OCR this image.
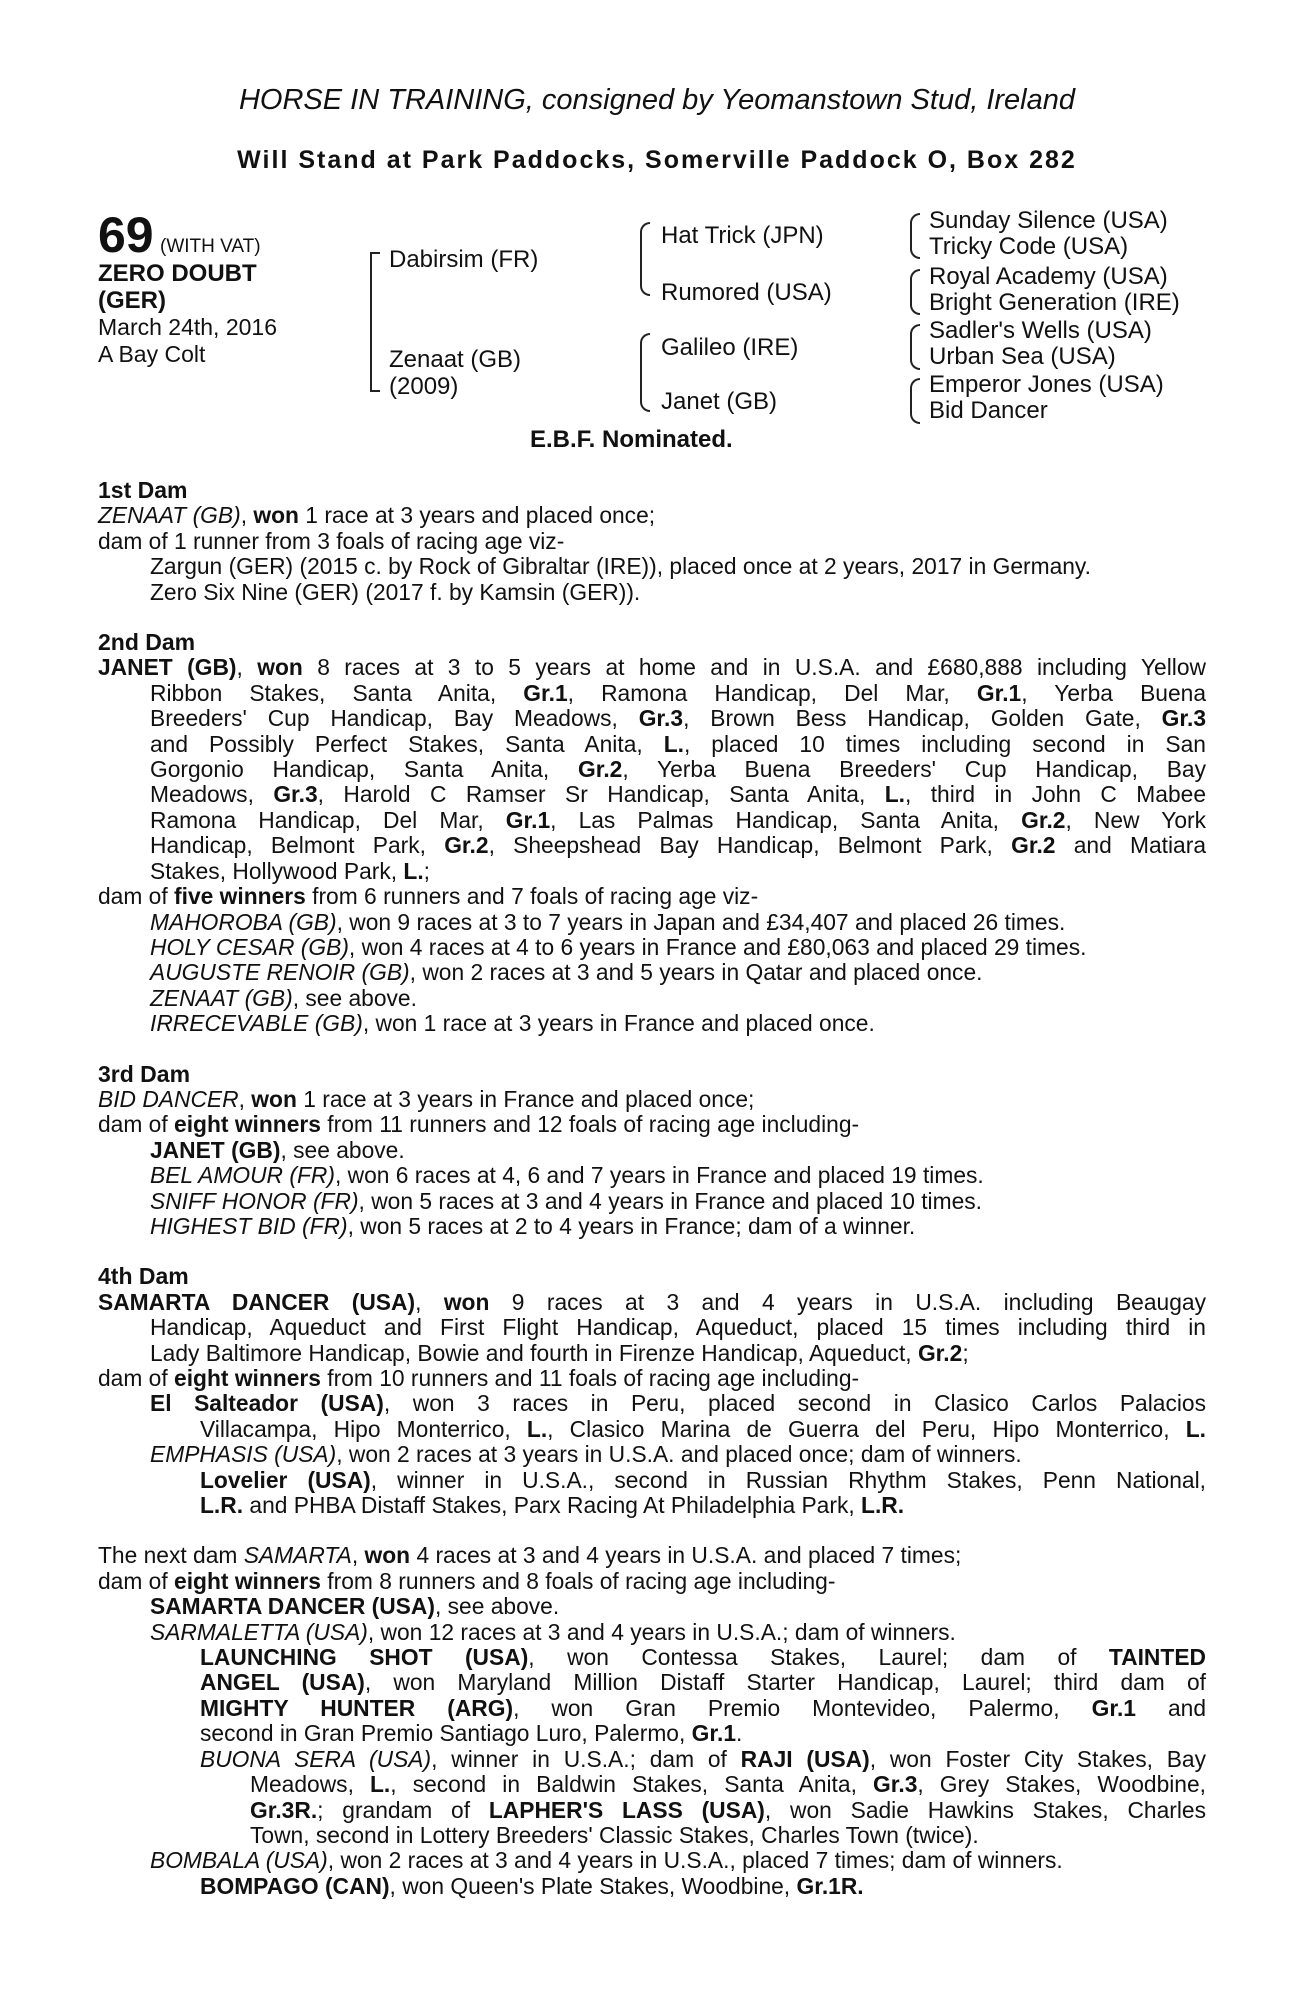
HORSE IN TRAINING, consigned by Yeomanstown Stud, Ireland
Will Stand at Park Paddocks, Somerville Paddock O, Box 282
69 (WITH VAT)
ZERO DOUBT
(GER)
March 24th, 2016
A Bay Colt
Dabirsim (FR)
Zenaat (GB)
(2009)
Hat Trick (JPN)
Rumored (USA)
Galileo (IRE)
Janet (GB)
Sunday Silence (USA)
Tricky Code (USA)
Royal Academy (USA)
Bright Generation (IRE)
Sadler's Wells (USA)
Urban Sea (USA)
Emperor Jones (USA)
Bid Dancer
E.B.F. Nominated.
1st Dam
ZENAAT (GB), won 1 race at 3 years and placed once;
dam of 1 runner from 3 foals of racing age viz-
Zargun (GER) (2015 c. by Rock of Gibraltar (IRE)), placed once at 2 years, 2017 in Germany.
Zero Six Nine (GER) (2017 f. by Kamsin (GER)).
2nd Dam
JANET (GB), won 8 races at 3 to 5 years at home and in U.S.A. and £680,888 including Yellow
Ribbon Stakes, Santa Anita, Gr.1, Ramona Handicap, Del Mar, Gr.1, Yerba Buena
Breeders' Cup Handicap, Bay Meadows, Gr.3, Brown Bess Handicap, Golden Gate, Gr.3
and Possibly Perfect Stakes, Santa Anita, L., placed 10 times including second in San
Gorgonio Handicap, Santa Anita, Gr.2, Yerba Buena Breeders' Cup Handicap, Bay
Meadows, Gr.3, Harold C Ramser Sr Handicap, Santa Anita, L., third in John C Mabee
Ramona Handicap, Del Mar, Gr.1, Las Palmas Handicap, Santa Anita, Gr.2, New York
Handicap, Belmont Park, Gr.2, Sheepshead Bay Handicap, Belmont Park, Gr.2 and Matiara
Stakes, Hollywood Park, L.;
dam of five winners from 6 runners and 7 foals of racing age viz-
MAHOROBA (GB), won 9 races at 3 to 7 years in Japan and £34,407 and placed 26 times.
HOLY CESAR (GB), won 4 races at 4 to 6 years in France and £80,063 and placed 29 times.
AUGUSTE RENOIR (GB), won 2 races at 3 and 5 years in Qatar and placed once.
ZENAAT (GB), see above.
IRRECEVABLE (GB), won 1 race at 3 years in France and placed once.
3rd Dam
BID DANCER, won 1 race at 3 years in France and placed once;
dam of eight winners from 11 runners and 12 foals of racing age including-
JANET (GB), see above.
BEL AMOUR (FR), won 6 races at 4, 6 and 7 years in France and placed 19 times.
SNIFF HONOR (FR), won 5 races at 3 and 4 years in France and placed 10 times.
HIGHEST BID (FR), won 5 races at 2 to 4 years in France; dam of a winner.
4th Dam
SAMARTA DANCER (USA), won 9 races at 3 and 4 years in U.S.A. including Beaugay
Handicap, Aqueduct and First Flight Handicap, Aqueduct, placed 15 times including third in
Lady Baltimore Handicap, Bowie and fourth in Firenze Handicap, Aqueduct, Gr.2;
dam of eight winners from 10 runners and 11 foals of racing age including-
El Salteador (USA), won 3 races in Peru, placed second in Clasico Carlos Palacios
Villacampa, Hipo Monterrico, L., Clasico Marina de Guerra del Peru, Hipo Monterrico, L.
EMPHASIS (USA), won 2 races at 3 years in U.S.A. and placed once; dam of winners.
Lovelier (USA), winner in U.S.A., second in Russian Rhythm Stakes, Penn National,
L.R. and PHBA Distaff Stakes, Parx Racing At Philadelphia Park, L.R.
The next dam SAMARTA, won 4 races at 3 and 4 years in U.S.A. and placed 7 times;
dam of eight winners from 8 runners and 8 foals of racing age including-
SAMARTA DANCER (USA), see above.
SARMALETTA (USA), won 12 races at 3 and 4 years in U.S.A.; dam of winners.
LAUNCHING SHOT (USA), won Contessa Stakes, Laurel; dam of TAINTED
ANGEL (USA), won Maryland Million Distaff Starter Handicap, Laurel; third dam of
MIGHTY HUNTER (ARG), won Gran Premio Montevideo, Palermo, Gr.1 and
second in Gran Premio Santiago Luro, Palermo, Gr.1.
BUONA SERA (USA), winner in U.S.A.; dam of RAJI (USA), won Foster City Stakes, Bay
Meadows, L., second in Baldwin Stakes, Santa Anita, Gr.3, Grey Stakes, Woodbine,
Gr.3R.; grandam of LAPHER'S LASS (USA), won Sadie Hawkins Stakes, Charles
Town, second in Lottery Breeders' Classic Stakes, Charles Town (twice).
BOMBALA (USA), won 2 races at 3 and 4 years in U.S.A., placed 7 times; dam of winners.
BOMPAGO (CAN), won Queen's Plate Stakes, Woodbine, Gr.1R.
